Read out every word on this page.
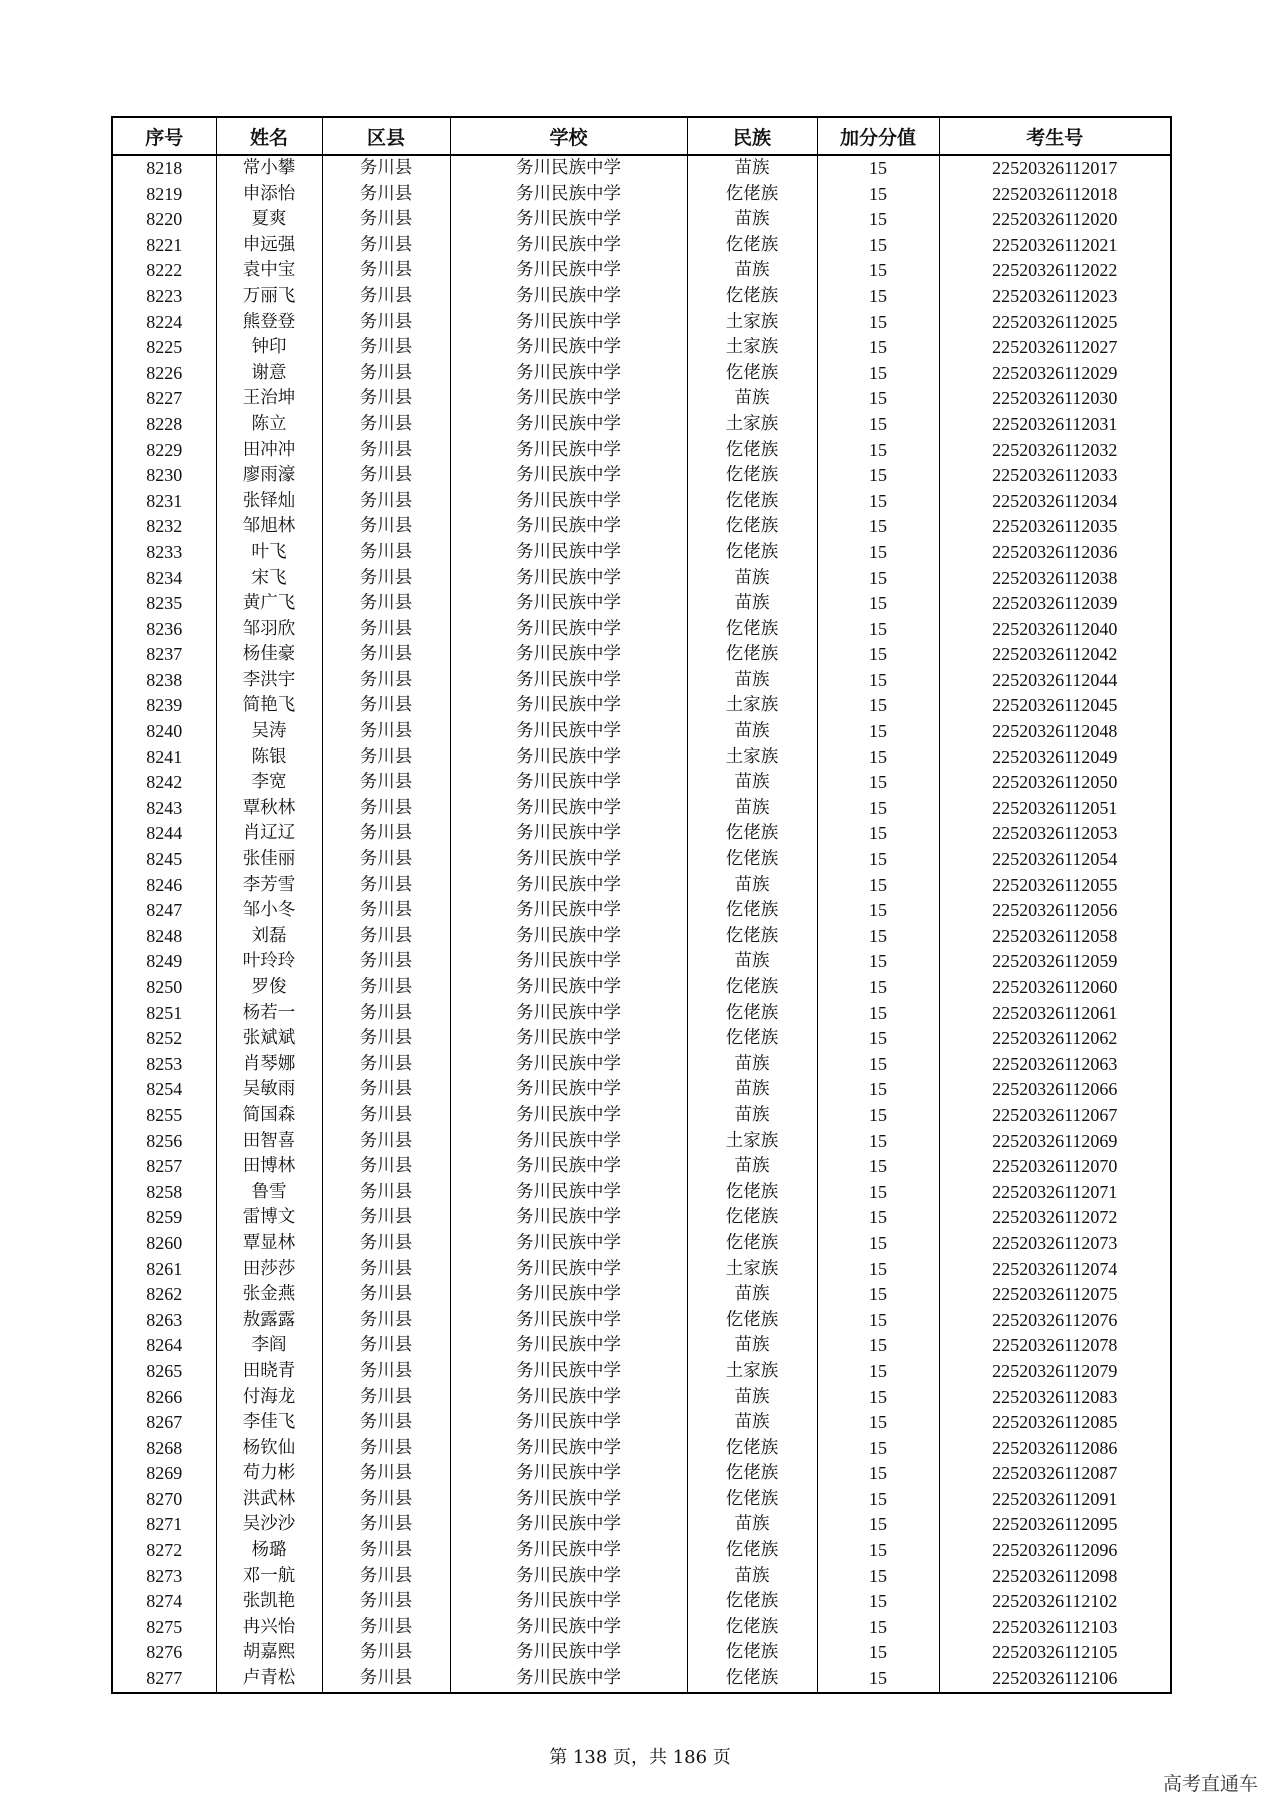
序号	姓名	区县	学校	民族	加分分值	考生号
8218	常小攀	务川县	务川民族中学	苗族	15	22520326112017
8219	申添怡	务川县	务川民族中学	仡佬族	15	22520326112018
8220	夏爽	务川县	务川民族中学	苗族	15	22520326112020
8221	申远强	务川县	务川民族中学	仡佬族	15	22520326112021
8222	袁中宝	务川县	务川民族中学	苗族	15	22520326112022
8223	万丽飞	务川县	务川民族中学	仡佬族	15	22520326112023
8224	熊登登	务川县	务川民族中学	土家族	15	22520326112025
8225	钟印	务川县	务川民族中学	土家族	15	22520326112027
8226	谢意	务川县	务川民族中学	仡佬族	15	22520326112029
8227	王治坤	务川县	务川民族中学	苗族	15	22520326112030
8228	陈立	务川县	务川民族中学	土家族	15	22520326112031
8229	田冲冲	务川县	务川民族中学	仡佬族	15	22520326112032
8230	廖雨濠	务川县	务川民族中学	仡佬族	15	22520326112033
8231	张铎灿	务川县	务川民族中学	仡佬族	15	22520326112034
8232	邹旭林	务川县	务川民族中学	仡佬族	15	22520326112035
8233	叶飞	务川县	务川民族中学	仡佬族	15	22520326112036
8234	宋飞	务川县	务川民族中学	苗族	15	22520326112038
8235	黄广飞	务川县	务川民族中学	苗族	15	22520326112039
8236	邹羽欣	务川县	务川民族中学	仡佬族	15	22520326112040
8237	杨佳豪	务川县	务川民族中学	仡佬族	15	22520326112042
8238	李洪宇	务川县	务川民族中学	苗族	15	22520326112044
8239	简艳飞	务川县	务川民族中学	土家族	15	22520326112045
8240	吴涛	务川县	务川民族中学	苗族	15	22520326112048
8241	陈银	务川县	务川民族中学	土家族	15	22520326112049
8242	李宽	务川县	务川民族中学	苗族	15	22520326112050
8243	覃秋林	务川县	务川民族中学	苗族	15	22520326112051
8244	肖辽辽	务川县	务川民族中学	仡佬族	15	22520326112053
8245	张佳丽	务川县	务川民族中学	仡佬族	15	22520326112054
8246	李芳雪	务川县	务川民族中学	苗族	15	22520326112055
8247	邹小冬	务川县	务川民族中学	仡佬族	15	22520326112056
8248	刘磊	务川县	务川民族中学	仡佬族	15	22520326112058
8249	叶玲玲	务川县	务川民族中学	苗族	15	22520326112059
8250	罗俊	务川县	务川民族中学	仡佬族	15	22520326112060
8251	杨若一	务川县	务川民族中学	仡佬族	15	22520326112061
8252	张斌斌	务川县	务川民族中学	仡佬族	15	22520326112062
8253	肖琴娜	务川县	务川民族中学	苗族	15	22520326112063
8254	吴敏雨	务川县	务川民族中学	苗族	15	22520326112066
8255	简国森	务川县	务川民族中学	苗族	15	22520326112067
8256	田智喜	务川县	务川民族中学	土家族	15	22520326112069
8257	田博林	务川县	务川民族中学	苗族	15	22520326112070
8258	鲁雪	务川县	务川民族中学	仡佬族	15	22520326112071
8259	雷博文	务川县	务川民族中学	仡佬族	15	22520326112072
8260	覃显林	务川县	务川民族中学	仡佬族	15	22520326112073
8261	田莎莎	务川县	务川民族中学	土家族	15	22520326112074
8262	张金燕	务川县	务川民族中学	苗族	15	22520326112075
8263	敖露露	务川县	务川民族中学	仡佬族	15	22520326112076
8264	李阎	务川县	务川民族中学	苗族	15	22520326112078
8265	田晓青	务川县	务川民族中学	土家族	15	22520326112079
8266	付海龙	务川县	务川民族中学	苗族	15	22520326112083
8267	李佳飞	务川县	务川民族中学	苗族	15	22520326112085
8268	杨钦仙	务川县	务川民族中学	仡佬族	15	22520326112086
8269	苟力彬	务川县	务川民族中学	仡佬族	15	22520326112087
8270	洪武林	务川县	务川民族中学	仡佬族	15	22520326112091
8271	吴沙沙	务川县	务川民族中学	苗族	15	22520326112095
8272	杨璐	务川县	务川民族中学	仡佬族	15	22520326112096
8273	邓一航	务川县	务川民族中学	苗族	15	22520326112098
8274	张凯艳	务川县	务川民族中学	仡佬族	15	22520326112102
8275	冉兴怡	务川县	务川民族中学	仡佬族	15	22520326112103
8276	胡嘉熙	务川县	务川民族中学	仡佬族	15	22520326112105
8277	卢青松	务川县	务川民族中学	仡佬族	15	22520326112106
第 138 页，共 186 页
高考直通车
